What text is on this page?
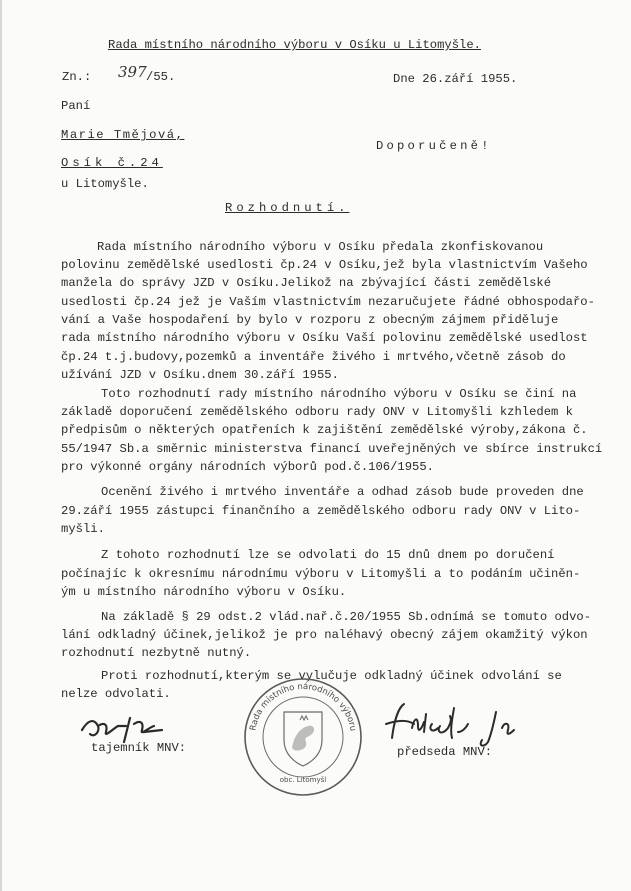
Rada místního národního výboru v Osíku u Litomyšle.
Zn.: 397 /55.	Dne 26.září 1955.
Paní
Marie Tmějová,
Osík č.24
u Litomyšle.
Doporučeně!
Rozhodnutí.
Rada místního národního výboru v Osíku předala zkonfiskovanou
polovinu zemědělské usedlosti čp.24 v Osíku,jež byla vlastnictvím Vašeho
manžela do správy JZD v Osíku.Jelikož na zbývající části zemědělské
usedlosti čp.24 jež je Vaším vlastnictvím nezaručujete řádné obhospodařo-
vání a Vaše hospodaření by bylo v rozporu z obecným zájmem přiděluje
rada místního národního výboru v Osíku Vaší polovinu zemědělské usedlost
čp.24 t.j.budovy,pozemků a inventáře živého i mrtvého,včetně zásob do
užívání JZD v Osíku.dnem 30.září 1955.
Toto rozhodnutí rady místního národního výboru v Osíku se činí na
základě doporučení zemědělského odboru rady ONV v Litomyšli kzhledem k
předpisům o některých opatřeních k zajištění zemědělské výroby,zákona č.
55/1947 Sb.a směrnic ministerstva financí uveřejněných ve sbírce instrukcí
pro výkonné orgány národních výborů pod.č.106/1955.
Ocenění živého i mrtvého inventáře a odhad zásob bude proveden dne
29.září 1955 zástupci finančního a zemědělského odboru rady ONV v Lito-
myšli.
Z tohoto rozhodnutí lze se odvolati do 15 dnů dnem po doručení
počínajíc k okresnímu národnímu výboru v Litomyšli a to podáním učiněn-
ým u místního národního výboru v Osíku.
Na základě § 29 odst.2 vlád.nař.č.20/1955 Sb.odnímá se tomuto odvo-
lání odkladný účinek,jelikož je pro naléhavý obecný zájem okamžitý výkon
rozhodnutí nezbytně nutný.
Proti rozhodnutí,kterým se vylučuje odkladný účinek odvolání se
nelze odvolati.
tajemník MNV:
Rada místního národního výboru
obc. Litomyšl
předseda MNV:
